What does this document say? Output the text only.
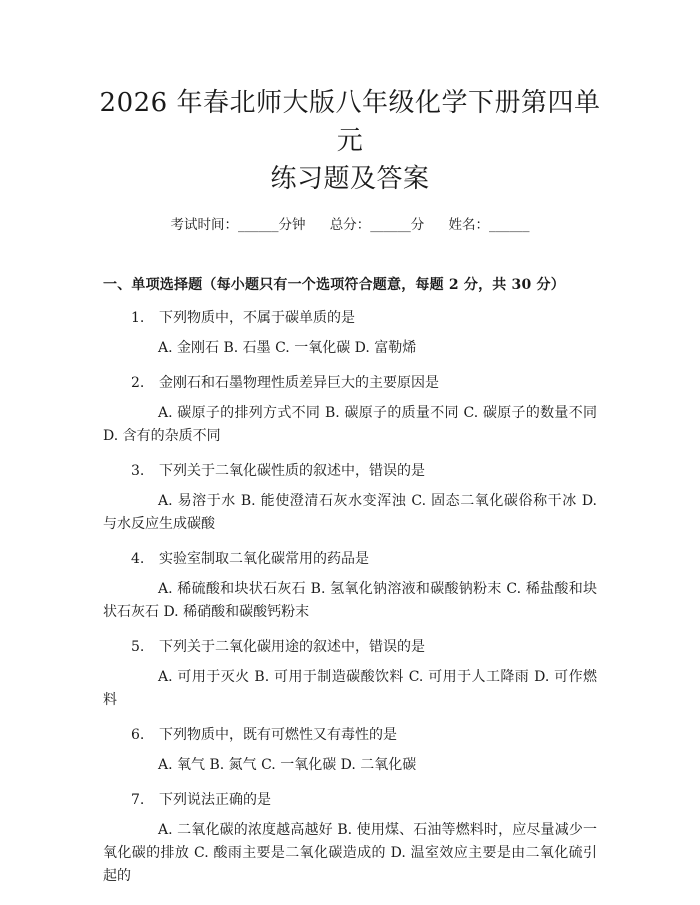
2026 年春北师大版八年级化学下册第四单元
练习题及答案
考试时间：______分钟 总分：______分 姓名：______
一、单项选择题（每小题只有一个选项符合题意，每题 2 分，共 30 分）
1. 下列物质中，不属于碳单质的是
A. 金刚石 B. 石墨 C. 一氧化碳 D. 富勒烯
2. 金刚石和石墨物理性质差异巨大的主要原因是
A. 碳原子的排列方式不同 B. 碳原子的质量不同 C. 碳原子的数量不同 D. 含有的杂质不同
3. 下列关于二氧化碳性质的叙述中，错误的是
A. 易溶于水 B. 能使澄清石灰水变浑浊 C. 固态二氧化碳俗称干冰 D. 与水反应生成碳酸
4. 实验室制取二氧化碳常用的药品是
A. 稀硫酸和块状石灰石 B. 氢氧化钠溶液和碳酸钠粉末 C. 稀盐酸和块状石灰石 D. 稀硝酸和碳酸钙粉末
5. 下列关于二氧化碳用途的叙述中，错误的是
A. 可用于灭火 B. 可用于制造碳酸饮料 C. 可用于人工降雨 D. 可作燃料
6. 下列物质中，既有可燃性又有毒性的是
A. 氧气 B. 氮气 C. 一氧化碳 D. 二氧化碳
7. 下列说法正确的是
A. 二氧化碳的浓度越高越好 B. 使用煤、石油等燃料时，应尽量减少一氧化碳的排放 C. 酸雨主要是二氧化碳造成的 D. 温室效应主要是由二氧化硫引起的
